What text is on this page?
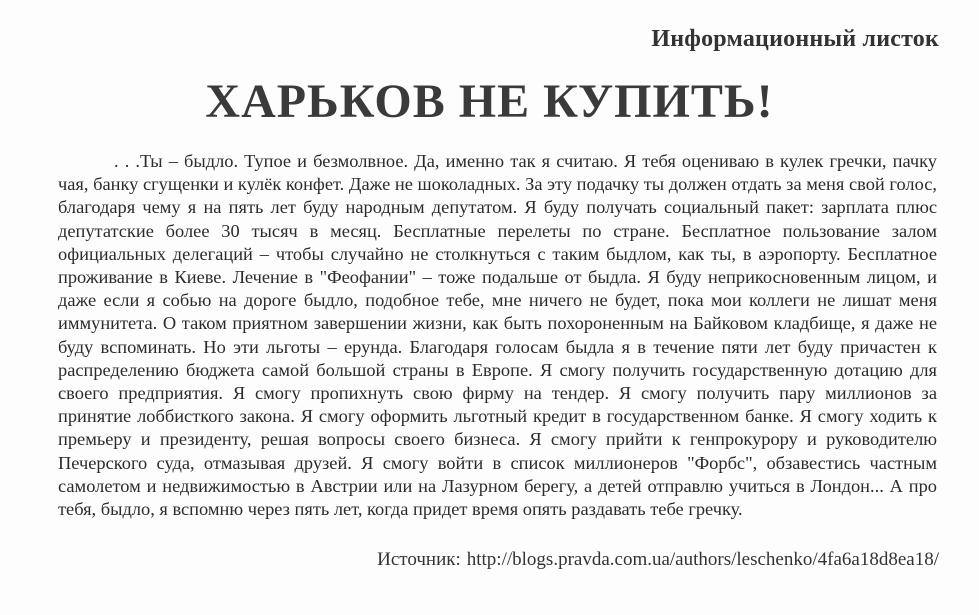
Информационный листок
ХАРЬКОВ НЕ КУПИТЬ!

. . .Ты – быдло. Тупое и безмолвное. Да, именно так я считаю. Я тебя оцениваю в кулек гречки, пачку чая, банку сгущенки и кулёк конфет. Даже не шоколадных. За эту подачку ты должен отдать за меня свой голос, благодаря чему я на пять лет буду народным депутатом. Я буду получать социальный пакет: зарплата плюс депутатские более 30 тысяч в месяц. Бесплатные перелеты по стране. Бесплатное пользование залом официальных делегаций – чтобы случайно не столкнуться с таким быдлом, как ты, в аэропорту. Бесплатное проживание в Киеве. Лечение в "Феофании" – тоже подальше от быдла. Я буду неприкосновенным лицом, и даже если я собью на дороге быдло, подобное тебе, мне ничего не будет, пока мои коллеги не лишат меня иммунитета. О таком приятном завершении жизни, как быть похороненным на Байковом кладбище, я даже не буду вспоминать. Но эти льготы – ерунда. Благодаря голосам быдла я в течение пяти лет буду причастен к распределению бюджета самой большой страны в Европе. Я смогу получить государственную дотацию для своего предприятия. Я смогу пропихнуть свою фирму на тендер. Я смогу получить пару миллионов за принятие лоббисткого закона. Я смогу оформить льготный кредит в государственном банке. Я смогу ходить к премьеру и президенту, решая вопросы своего бизнеса. Я смогу прийти к генпрокурору и руководителю Печерского суда, отмазывая друзей. Я смогу войти в список миллионеров "Форбс", обзавестись частным самолетом и недвижимостью в Австрии или на Лазурном берегу, а детей отправлю учиться в Лондон... А про тебя, быдло, я вспомню через пять лет, когда придет время опять раздавать тебе гречку.

Источник: http://blogs.pravda.com.ua/authors/leschenko/4fa6a18d8ea18/
